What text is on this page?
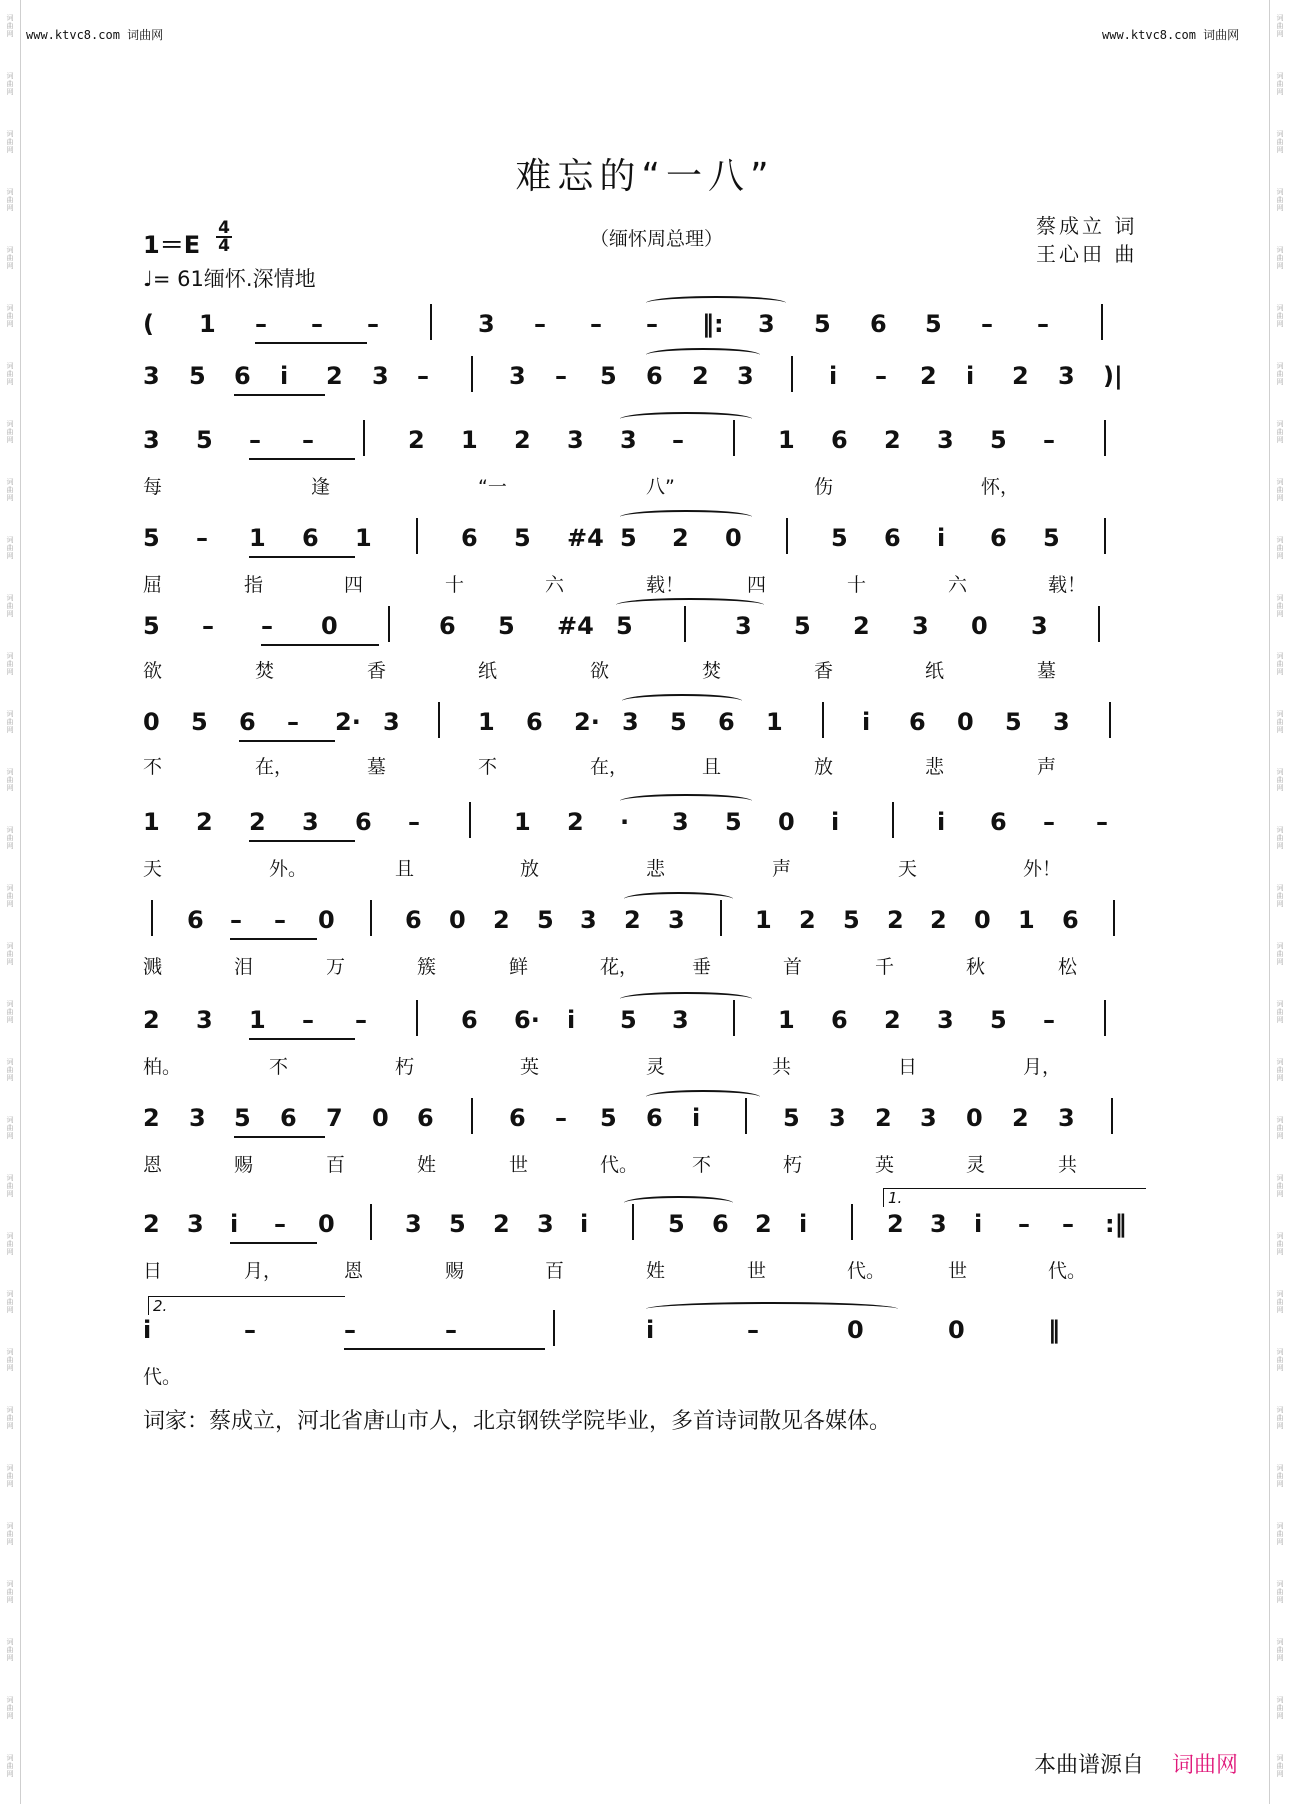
词
曲
网
词
曲
网
词
曲
网
词
曲
网
词
曲
网
词
曲
网
词
曲
网
词
曲
网
词
曲
网
词
曲
网
词
曲
网
词
曲
网
词
曲
网
词
曲
网
词
曲
网
词
曲
网
词
曲
网
词
曲
网
词
曲
网
词
曲
网
词
曲
网
词
曲
网
词
曲
网
词
曲
网
词
曲
网
词
曲
网
词
曲
网
词
曲
网
词
曲
网
词
曲
网
词
曲
网
词
曲
网
词
曲
网
词
曲
网
词
曲
网
词
曲
网
词
曲
网
词
曲
网
词
曲
网
词
曲
网
词
曲
网
词
曲
网
词
曲
网
词
曲
网
词
曲
网
词
曲
网
词
曲
网
词
曲
网
词
曲
网
词
曲
网
词
曲
网
词
曲
网
词
曲
网
词
曲
网
词
曲
网
词
曲
网
词
曲
网
词
曲
网
词
曲
网
词
曲
网
词
曲
网
词
曲
网
www.ktvc8.com 词曲网	www.ktvc8.com 词曲网
难忘的“一八”
1＝E
4
4
♩= 61缅怀.深情地
（缅怀周总理）
蔡成立 词
王心田 曲
( 1 – – –	3 – – – ‖: 3 5 6 5 – –
3 5 6 i 2 3 –	3 – 5 6 2 3	i – 2 i 2 3 )|
3 5 – –	2 1 2 3 3 –	1 6 2 3 5 –
每	逢	“一	八”	伤	怀，
5 – 1 6 1	6 5 #4 5 2 0	5 6 i 6 5
屈	指	四	十	六	载！	四	十	六	载！
5 – – 0	6 5 #4 5	3 5 2 3 0 3
欲	焚	香	纸	欲	焚	香	纸	墓
0 5 6 – 2· 3	1 6 2· 3 5 6 1	i 6 0 5 3
不	在，	墓	不	在，	且	放	悲	声
1 2 2 3 6 –	1 2 · 3 5 0 i	i 6 – –
天	外。	且	放	悲	声	天	外！
6 – – 0	6 0 2 5 3 2 3	1 2 5 2 2 0 1 6
溅	泪	万	簇	鲜	花，	垂	首	千	秋	松
2 3 1 – –	6 6· i 5 3	1 6 2 3 5 –
柏。	不	朽	英	灵	共	日	月，
2 3 5 6 7 0 6	6 – 5 6 i	5 3 2 3 0 2 3
恩	赐	百	姓	世	代。	不	朽	英	灵	共
2 3 i – 0	3 5 2 3 i	5 6 2 i	2 3 i – – :‖
日	月，	恩	赐	百	姓	世	代。	世	代。
i	–	–	–	i	–	0	0	‖
代。
1.
2.
词家：蔡成立，河北省唐山市人，北京钢铁学院毕业，多首诗词散见各媒体。
本曲谱源自 词曲网
